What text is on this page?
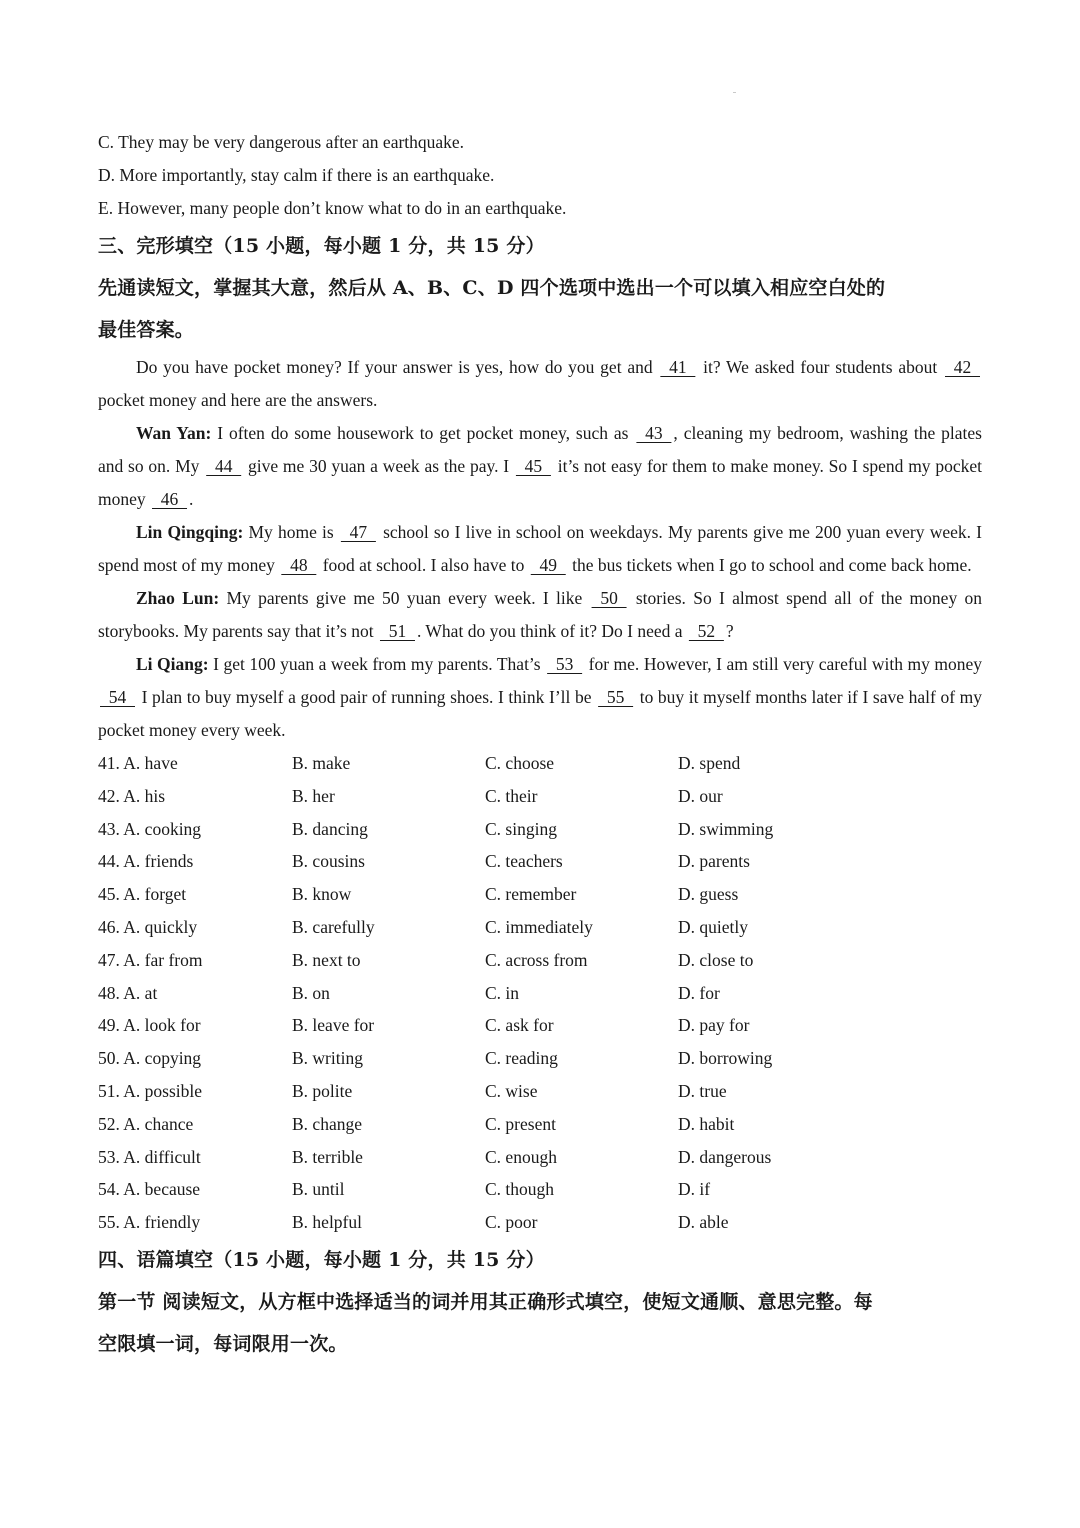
C. They may be very dangerous after an earthquake.
D. More importantly, stay calm if there is an earthquake.
E. However, many people don’t know what to do in an earthquake.
三、完形填空（15 小题，每小题 1 分，共 15 分）
先通读短文，掌握其大意，然后从 A、B、C、D 四个选项中选出一个可以填入相应空白处的
最佳答案。

Do you have pocket money? If your answer is yes, how do you get and   41   it? We asked four students about   42   pocket money and here are the answers.

Wan Yan: I often do some housework to get pocket money, such as   43  , cleaning my bedroom, washing the plates and so on. My   44   give me 30 yuan a week as the pay. I   45   it’s not easy for them to make money. So I spend my pocket money   46  .

Lin Qingqing: My home is   47   school so I live in school on weekdays. My parents give me 200 yuan every week. I spend most of my money   48   food at school. I also have to   49   the bus tickets when I go to school and come back home.

Zhao Lun: My parents give me 50 yuan every week. I like   50   stories. So I almost spend all of the money on storybooks. My parents say that it’s not   51  . What do you think of it? Do I need a   52  ?

Li Qiang: I get 100 yuan a week from my parents. That’s   53   for me. However, I am still very careful with my money   54   I plan to buy myself a good pair of running shoes. I think I’ll be   55   to buy it myself months later if I save half of my pocket money every week.

41. A. have	B. make	C. choose	D. spend
42. A. his	B. her	C. their	D. our
43. A. cooking	B. dancing	C. singing	D. swimming
44. A. friends	B. cousins	C. teachers	D. parents
45. A. forget	B. know	C. remember	D. guess
46. A. quickly	B. carefully	C. immediately	D. quietly
47. A. far from	B. next to	C. across from	D. close to
48. A. at	B. on	C. in	D. for
49. A. look for	B. leave for	C. ask for	D. pay for
50. A. copying	B. writing	C. reading	D. borrowing
51. A. possible	B. polite	C. wise	D. true
52. A. chance	B. change	C. present	D. habit
53. A. difficult	B. terrible	C. enough	D. dangerous
54. A. because	B. until	C. though	D. if
55. A. friendly	B. helpful	C. poor	D. able
四、语篇填空（15 小题，每小题 1 分，共 15 分）
第一节 阅读短文，从方框中选择适当的词并用其正确形式填空，使短文通顺、意思完整。每
空限填一词，每词限用一次。
